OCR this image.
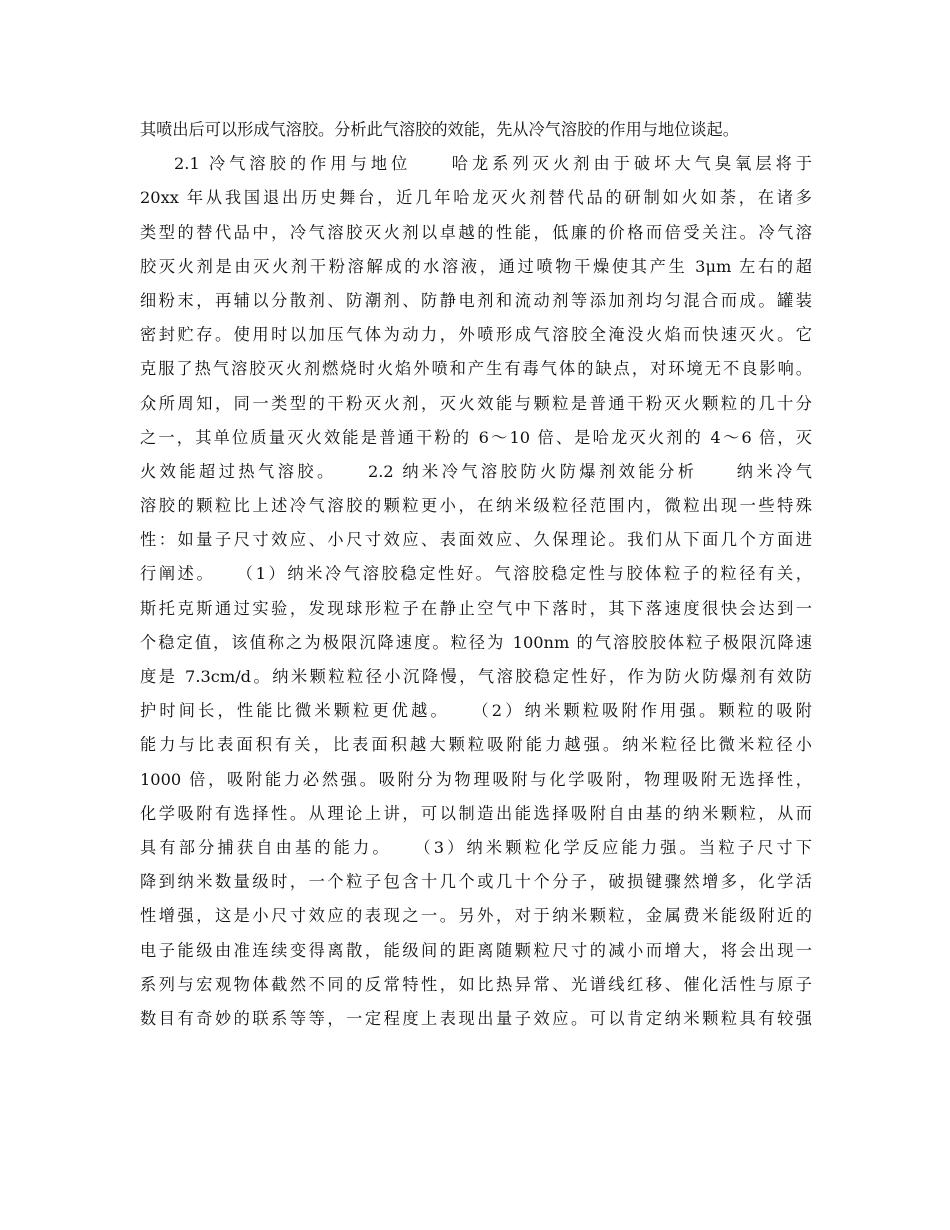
其喷出后可以形成气溶胶。分析此气溶胶的效能，先从冷气溶胶的作用与地位谈起。
2.1 冷气溶胶的作用与地位　　哈龙系列灭火剂由于破坏大气臭氧层将于
20xx 年从我国退出历史舞台，近几年哈龙灭火剂替代品的研制如火如荼，在诸多
类型的替代品中，冷气溶胶灭火剂以卓越的性能，低廉的价格而倍受关注。冷气溶
胶灭火剂是由灭火剂干粉溶解成的水溶液，通过喷物干燥使其产生 3μm 左右的超
细粉末，再辅以分散剂、防潮剂、防静电剂和流动剂等添加剂均匀混合而成。罐装
密封贮存。使用时以加压气体为动力，外喷形成气溶胶全淹没火焰而快速灭火。它
克服了热气溶胶灭火剂燃烧时火焰外喷和产生有毒气体的缺点，对环境无不良影响。
众所周知，同一类型的干粉灭火剂，灭火效能与颗粒是普通干粉灭火颗粒的几十分
之一，其单位质量灭火效能是普通干粉的 6～10 倍、是哈龙灭火剂的 4～6 倍，灭
火效能超过热气溶胶。　　2.2 纳米冷气溶胶防火防爆剂效能分析　　纳米冷气
溶胶的颗粒比上述冷气溶胶的颗粒更小，在纳米级粒径范围内，微粒出现一些特殊
性：如量子尺寸效应、小尺寸效应、表面效应、久保理论。我们从下面几个方面进
行阐述。　　（1）纳米冷气溶胶稳定性好。气溶胶稳定性与胶体粒子的粒径有关，
斯托克斯通过实验，发现球形粒子在静止空气中下落时，其下落速度很快会达到一
个稳定值，该值称之为极限沉降速度。粒径为 100nm 的气溶胶胶体粒子极限沉降速
度是 7.3cm/d。纳米颗粒粒径小沉降慢，气溶胶稳定性好，作为防火防爆剂有效防
护时间长，性能比微米颗粒更优越。　　（2）纳米颗粒吸附作用强。颗粒的吸附
能力与比表面积有关，比表面积越大颗粒吸附能力越强。纳米粒径比微米粒径小
1000 倍，吸附能力必然强。吸附分为物理吸附与化学吸附，物理吸附无选择性，
化学吸附有选择性。从理论上讲，可以制造出能选择吸附自由基的纳米颗粒，从而
具有部分捕获自由基的能力。　　（3）纳米颗粒化学反应能力强。当粒子尺寸下
降到纳米数量级时，一个粒子包含十几个或几十个分子，破损键骤然增多，化学活
性增强，这是小尺寸效应的表现之一。另外，对于纳米颗粒，金属费米能级附近的
电子能级由准连续变得离散，能级间的距离随颗粒尺寸的减小而增大，将会出现一
系列与宏观物体截然不同的反常特性，如比热异常、光谱线红移、催化活性与原子
数目有奇妙的联系等等，一定程度上表现出量子效应。可以肯定纳米颗粒具有较强
